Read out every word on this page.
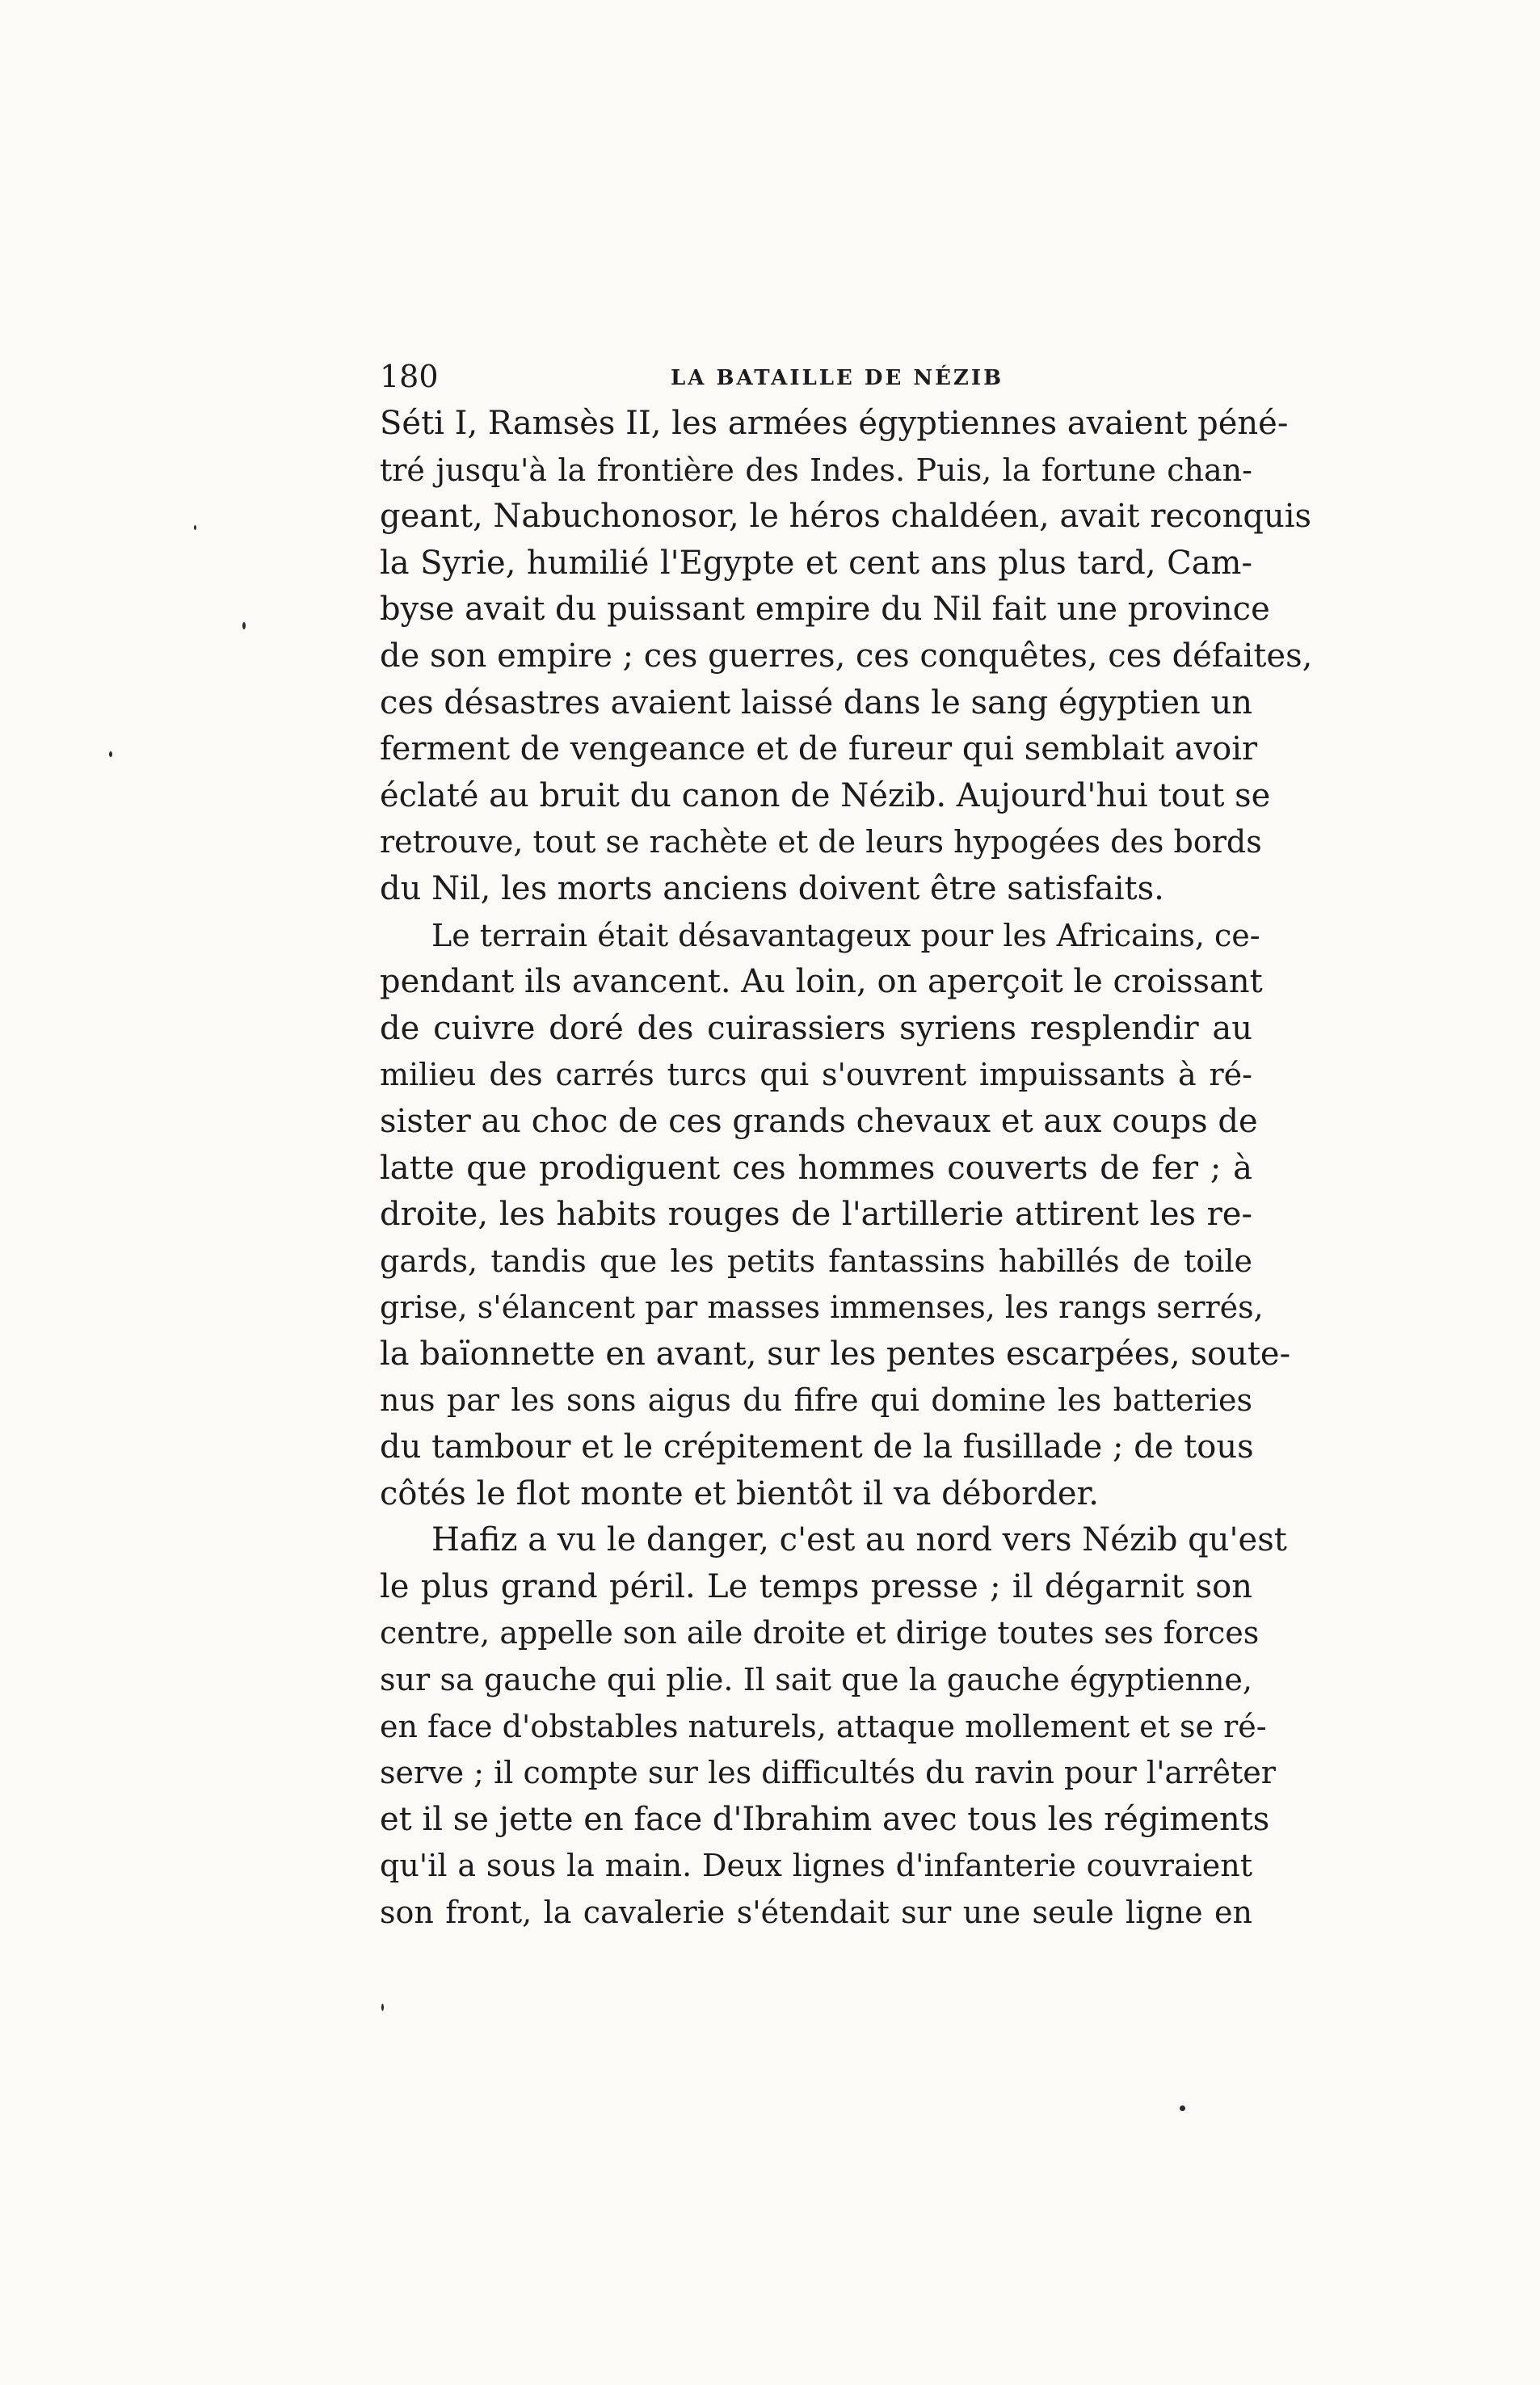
180	LA BATAILLE DE NÉZIB
Séti I, Ramsès II, les armées égyptiennes avaient péné-
tré jusqu'à la frontière des Indes. Puis, la fortune chan-
geant, Nabuchonosor, le héros chaldéen, avait reconquis
la Syrie, humilié l'Egypte et cent ans plus tard, Cam-
byse avait du puissant empire du Nil fait une province
de son empire ; ces guerres, ces conquêtes, ces défaites,
ces désastres avaient laissé dans le sang égyptien un
ferment de vengeance et de fureur qui semblait avoir
éclaté au bruit du canon de Nézib. Aujourd'hui tout se
retrouve, tout se rachète et de leurs hypogées des bords
du Nil, les morts anciens doivent être satisfaits.
Le terrain était désavantageux pour les Africains, ce-
pendant ils avancent. Au loin, on aperçoit le croissant
de cuivre doré des cuirassiers syriens resplendir au
milieu des carrés turcs qui s'ouvrent impuissants à ré-
sister au choc de ces grands chevaux et aux coups de
latte que prodiguent ces hommes couverts de fer ; à
droite, les habits rouges de l'artillerie attirent les re-
gards, tandis que les petits fantassins habillés de toile
grise, s'élancent par masses immenses, les rangs serrés,
la baïonnette en avant, sur les pentes escarpées, soute-
nus par les sons aigus du fifre qui domine les batteries
du tambour et le crépitement de la fusillade ; de tous
côtés le flot monte et bientôt il va déborder.
Hafiz a vu le danger, c'est au nord vers Nézib qu'est
le plus grand péril. Le temps presse ; il dégarnit son
centre, appelle son aile droite et dirige toutes ses forces
sur sa gauche qui plie. Il sait que la gauche égyptienne,
en face d'obstables naturels, attaque mollement et se ré-
serve ; il compte sur les difficultés du ravin pour l'arrêter
et il se jette en face d'Ibrahim avec tous les régiments
qu'il a sous la main. Deux lignes d'infanterie couvraient
son front, la cavalerie s'étendait sur une seule ligne en
